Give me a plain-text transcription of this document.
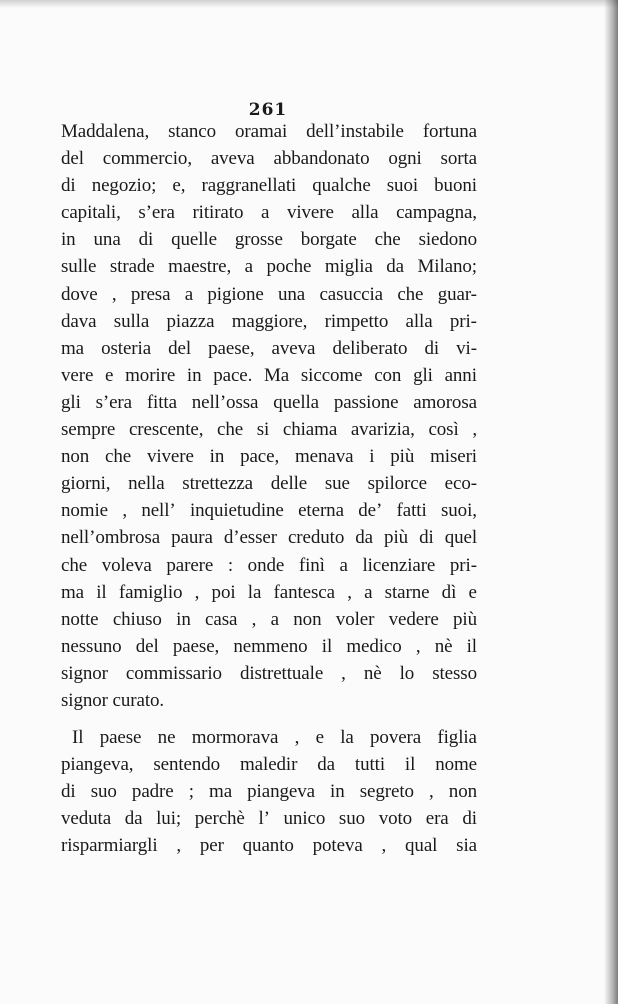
261
Maddalena, stanco oramai dell’instabile fortuna
del commercio, aveva abbandonato ogni sorta
di negozio; e, raggranellati qualche suoi buoni
capitali, s’era ritirato a vivere alla campagna,
in una di quelle grosse borgate che siedono
sulle strade maestre, a poche miglia da Milano;
dove , presa a pigione una casuccia che guar-
dava sulla piazza maggiore, rimpetto alla pri-
ma osteria del paese, aveva deliberato di vi-
vere e morire in pace. Ma siccome con gli anni
gli s’era fitta nell’ossa quella passione amorosa
sempre crescente, che si chiama avarizia, così ,
non che vivere in pace, menava i più miseri
giorni, nella strettezza delle sue spilorce eco-
nomie , nell’ inquietudine eterna de’ fatti suoi,
nell’ombrosa paura d’esser creduto da più di quel
che voleva parere : onde finì a licenziare pri-
ma il famiglio , poi la fantesca , a starne dì e
notte chiuso in casa , a non voler vedere più
nessuno del paese, nemmeno il medico , nè il
signor commissario distrettuale , nè lo stesso
signor curato.
Il paese ne mormorava , e la povera figlia
piangeva, sentendo maledir da tutti il nome
di suo padre ; ma piangeva in segreto , non
veduta da lui; perchè l’ unico suo voto era di
risparmiargli , per quanto poteva , qual sia
